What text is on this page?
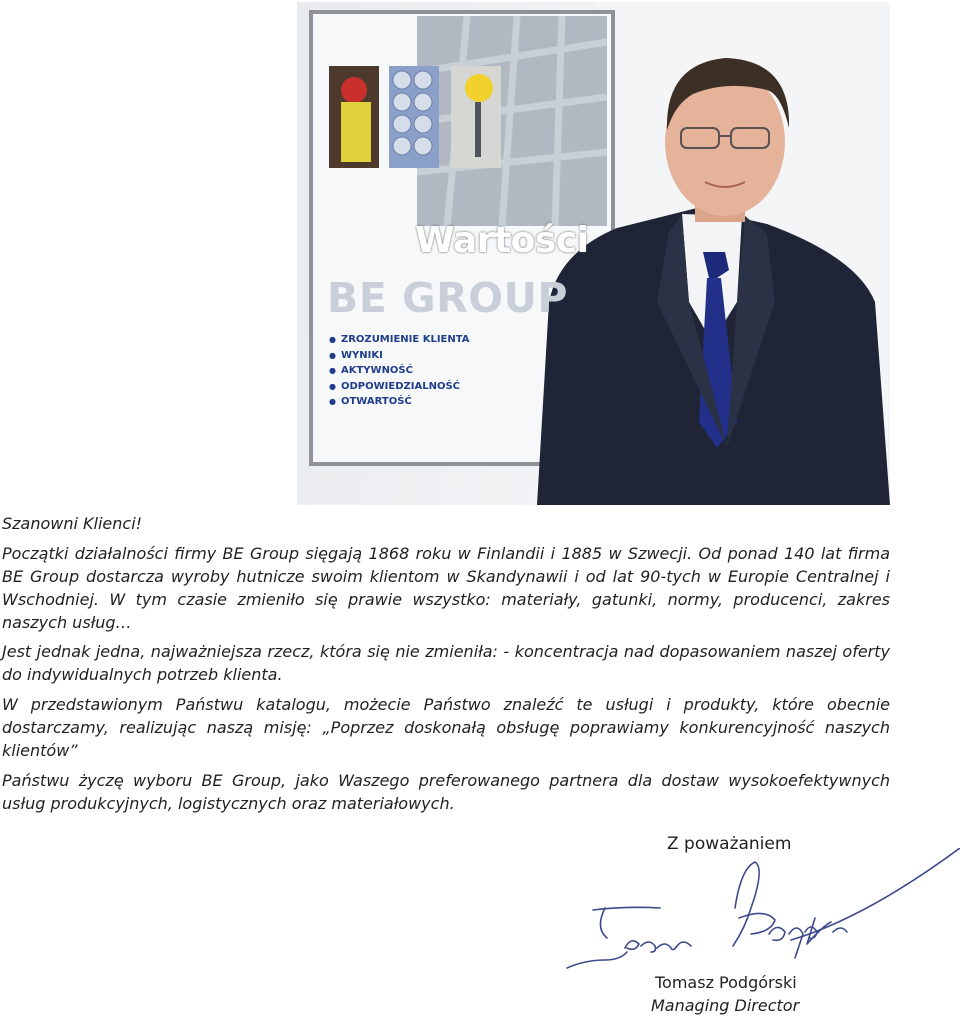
Wartości
BE GROUP
● ZROZUMIENIE KLIENTA
● WYNIKI
● AKTYWNOŚĆ
● ODPOWIEDZIALNOŚĆ
● OTWARTOŚĆ

Szanowni Klienci!

Początki działalności firmy BE Group sięgają 1868 roku w Finlandii i 1885 w Szwecji. Od ponad 140 lat firma BE Group dostarcza wyroby hutnicze swoim klientom w Skandynawii i od lat 90-tych w Europie Centralnej i Wschodniej. W tym czasie zmieniło się prawie wszystko: materiały, gatunki, normy, producenci, zakres naszych usług…

Jest jednak jedna, najważniejsza rzecz, która się nie zmieniła: - koncentracja nad dopasowaniem naszej oferty do indywidualnych potrzeb klienta.

W przedstawionym Państwu katalogu, możecie Państwo znaleźć te usługi i produkty, które obecnie dostarczamy, realizując naszą misję: „Poprzez doskonałą obsługę poprawiamy konkurencyjność naszych klientów”

Państwu życzę wyboru BE Group, jako Waszego preferowanego partnera dla dostaw wysokoefektywnych usług produkcyjnych, logistycznych oraz materiałowych.

Z poważaniem
Tomasz Podgórski
Managing Director
